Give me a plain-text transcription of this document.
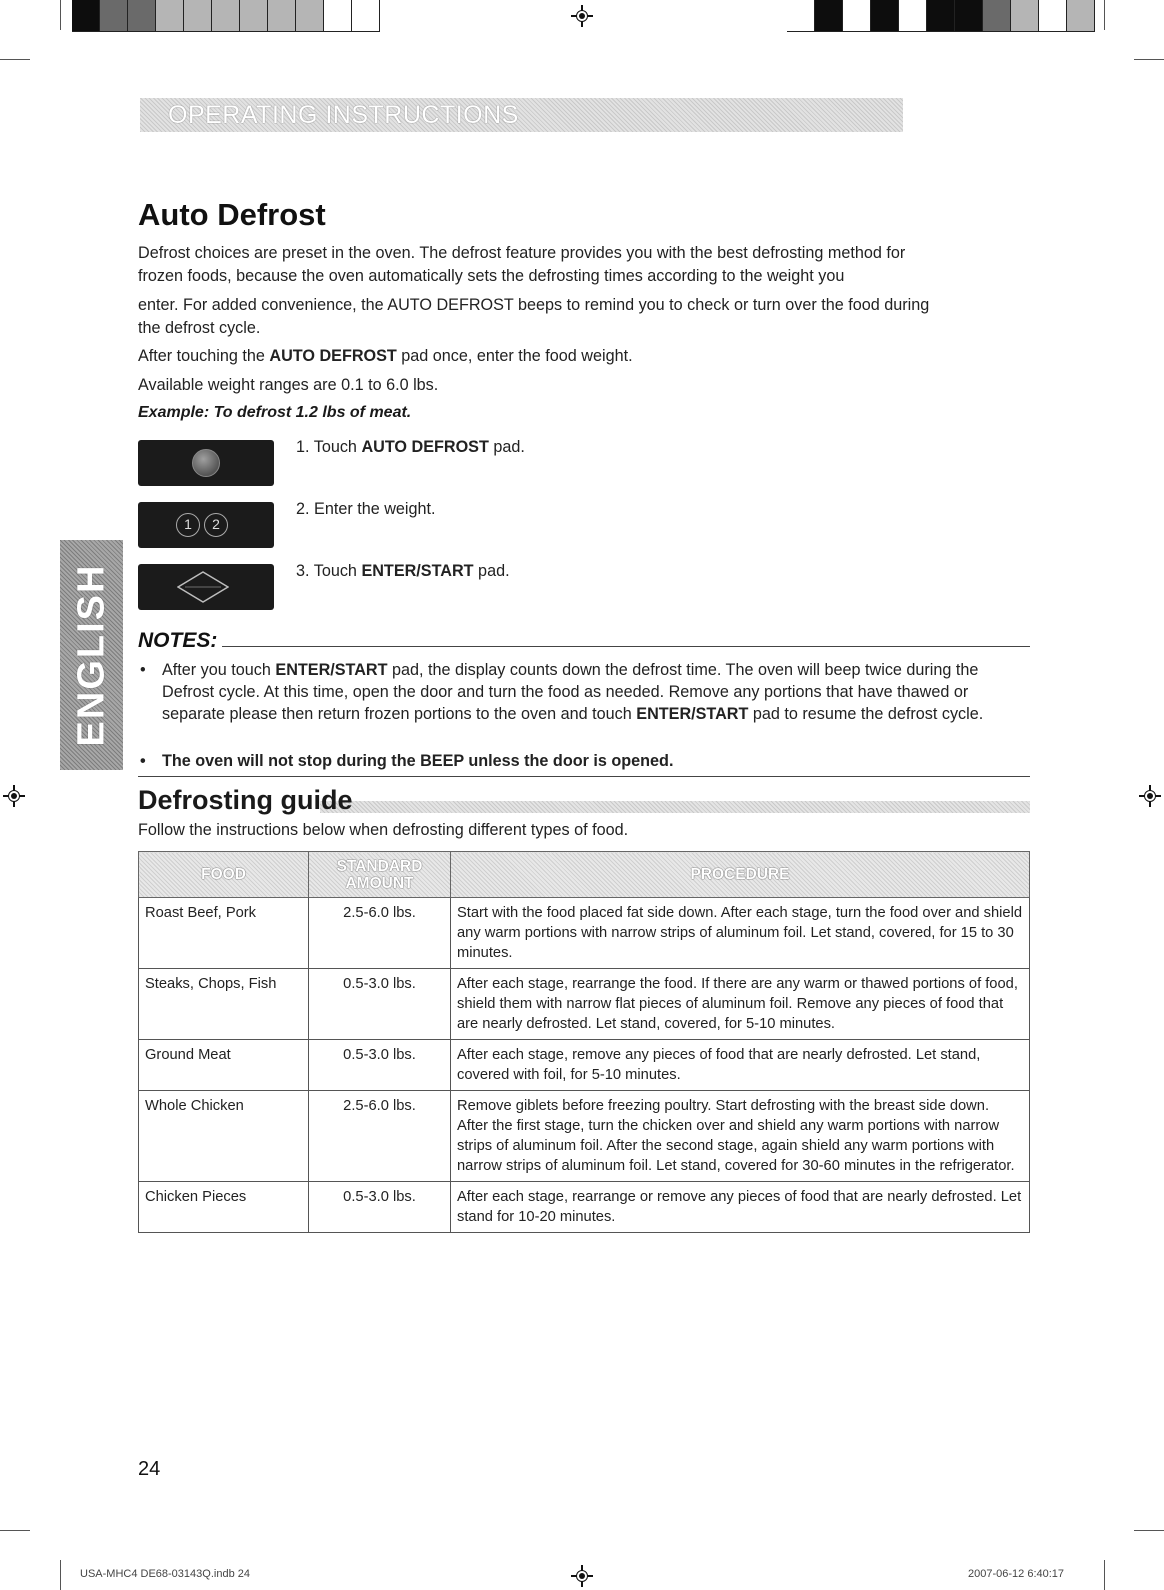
OPERATING INSTRUCTIONS
ENGLISH
Auto Defrost

Defrost choices are preset in the oven. The defrost feature provides you with the best defrosting method for

frozen foods, because the oven automatically sets the defrosting times according to the weight you

enter. For added convenience, the AUTO DEFROST beeps to remind you to check or turn over the food during

the defrost cycle.

After touching the AUTO DEFROST pad once, enter the food weight.

Available weight ranges are 0.1 to 6.0 lbs.

Example: To defrost 1.2 lbs of meat.
1	2
1. Touch AUTO DEFROST pad.
2. Enter the weight.
3. Touch ENTER/START pad.
NOTES:
• After you touch ENTER/START pad, the display counts down the defrost time. The oven will beep twice during the Defrost cycle. At this time, open the door and turn the food as needed. Remove any portions that have thawed or separate please then return frozen portions to the oven and touch ENTER/START pad to resume the defrost cycle.
• The oven will not stop during the BEEP unless the door is opened.
Defrosting guide

Follow the instructions below when defrosting different types of food.

FOOD	STANDARD AMOUNT	PROCEDURE
Roast Beef, Pork	2.5-6.0 lbs.	Start with the food placed fat side down. After each stage, turn the food over and shield any warm portions with narrow strips of aluminum foil. Let stand, covered, for 15 to 30 minutes.
Steaks, Chops, Fish	0.5-3.0 lbs.	After each stage, rearrange the food. If there are any warm or thawed portions of food, shield them with narrow flat pieces of aluminum foil. Remove any pieces of food that are nearly defrosted. Let stand, covered, for 5-10 minutes.
Ground Meat	0.5-3.0 lbs.	After each stage, remove any pieces of food that are nearly defrosted. Let stand, covered with foil, for 5-10 minutes.
Whole Chicken	2.5-6.0 lbs.	Remove giblets before freezing poultry. Start defrosting with the breast side down. After the first stage, turn the chicken over and shield any warm portions with narrow strips of aluminum foil. After the second stage, again shield any warm portions with narrow strips of aluminum foil. Let stand, covered for 30-60 minutes in the refrigerator.
Chicken Pieces	0.5-3.0 lbs.	After each stage, rearrange or remove any pieces of food that are nearly defrosted. Let stand for 10-20 minutes.
24
USA-MHC4 DE68-03143Q.indb 24	2007-06-12 6:40:17
